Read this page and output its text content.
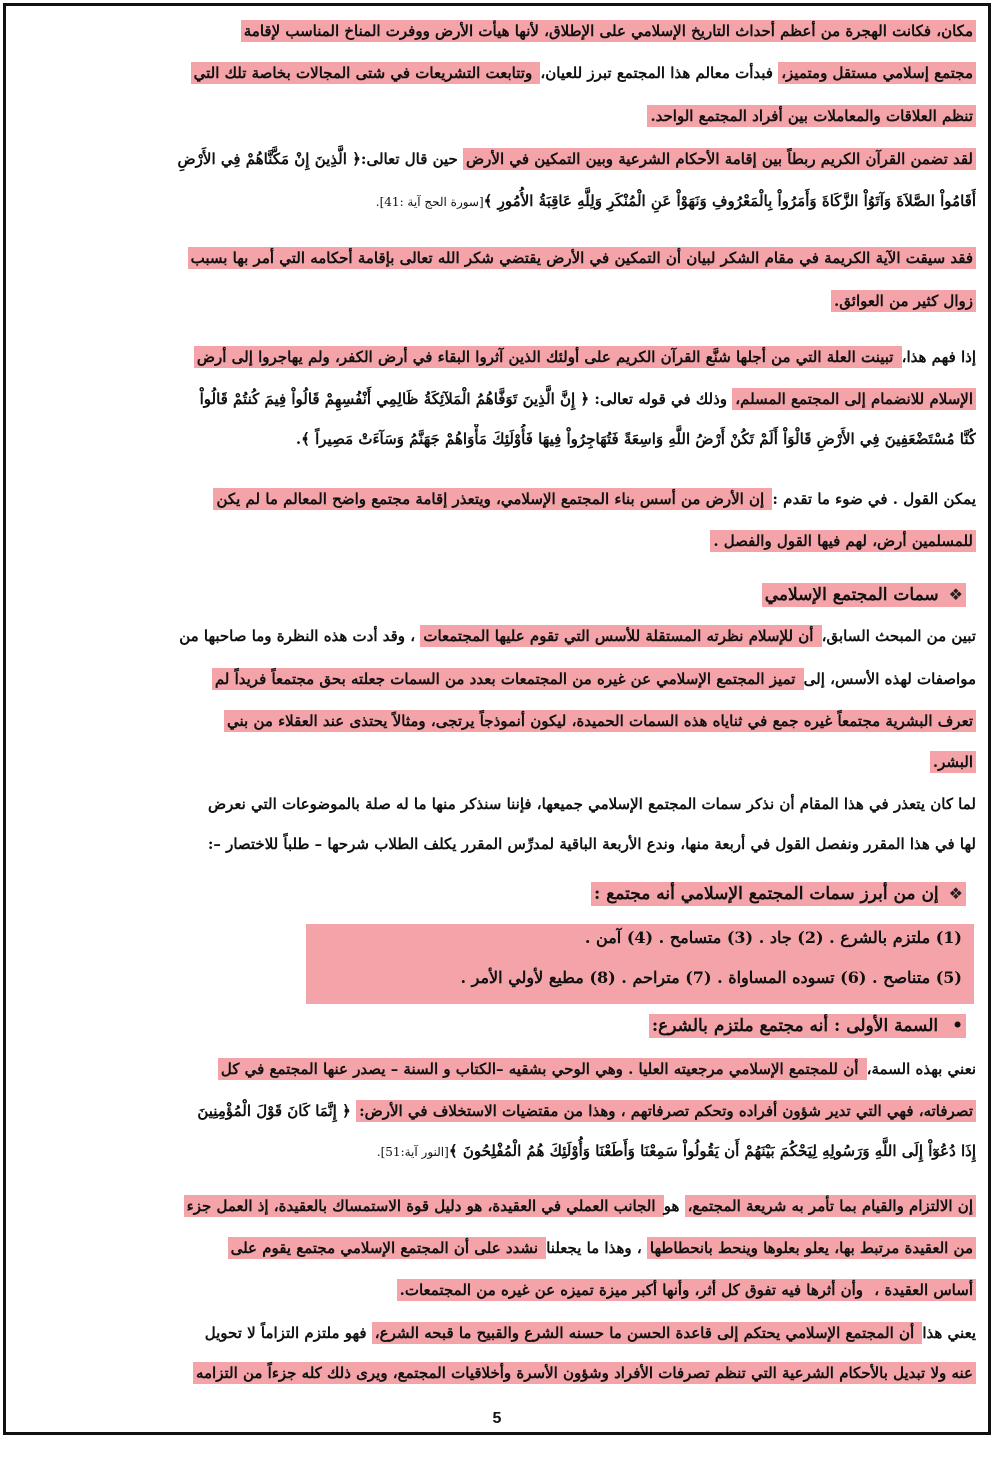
مكان، فكانت الهجرة من أعظم أحداث التاريخ الإسلامي على الإطلاق، لأنها هيأت الأرض ووفرت المناخ المناسب لإقامة
مجتمع إسلامي مستقل ومتميز، فبدأت معالم هذا المجتمع تبرز للعيان، وتتابعت التشريعات في شتى المجالات بخاصة تلك التي
تنظم العلاقات والمعاملات بين أفراد المجتمع الواحد.
لقد تضمن القرآن الكريم ربطاً بين إقامة الأحكام الشرعية وبين التمكين في الأرض حين قال تعالى:﴿ الَّذِينَ إِنْ مَكَّنَّاهُمْ فِي الأَرْضِ
أَقَامُواْ الصَّلاَةَ وَآتَوُاْ الزَّكَاةَ وَأَمَرُواْ بِالْمَعْرُوفِ وَنَهَوْاْ عَنِ الْمُنْكَرِ وَلِلَّهِ عَاقِبَةُ الأُمُورِ ﴾[سورة الحج آية :41].
فقد سيقت الآية الكريمة في مقام الشكر لبيان أن التمكين في الأرض يقتضي شكر الله تعالى بإقامة أحكامه التي أمر بها بسبب
زوال كثير من العوائق.
إذا فهم هذا، تبينت العلة التي من أجلها شنَّع القرآن الكريم على أولئك الذين آثروا البقاء في أرض الكفر، ولم يهاجروا إلى أرض
الإسلام للانضمام إلى المجتمع المسلم، وذلك في قوله تعالى: ﴿ إِنَّ الَّذِينَ تَوَفَّاهُمُ الْمَلآئِكَةُ ظَالِمِي أَنْفُسِهِمْ قَالُواْ فِيمَ كُنتُمْ قَالُواْ
كُنَّا مُسْتَضْعَفِينَ فِي الأَرْضِ قَالْوَاْ أَلَمْ تَكُنْ أَرْضُ اللَّهِ وَاسِعَةً فَتُهَاجِرُواْ فِيهَا فَأُوْلَئِكَ مَأْوَاهُمْ جَهَنَّمُ وَسَآءَتْ مَصِيراً ﴾.
يمكن القول . في ضوء ما تقدم : إن الأرض من أسس بناء المجتمع الإسلامي، ويتعذر إقامة مجتمع واضح المعالم ما لم يكن
للمسلمين أرض، لهم فيها القول والفصل .
❖سمات المجتمع الإسلامي
تبين من المبحث السابق، أن للإسلام نظرته المستقلة للأسس التي تقوم عليها المجتمعات ، وقد أدت هذه النظرة وما صاحبها من
مواصفات لهذه الأسس، إلى تميز المجتمع الإسلامي عن غيره من المجتمعات بعدد من السمات جعلته بحق مجتمعاً فريداً لم
تعرف البشرية مجتمعاً غيره جمع في ثناياه هذه السمات الحميدة، ليكون أنموذجاً يرتجى، ومثالاً يحتذى عند العقلاء من بني
البشر.
لما كان يتعذر في هذا المقام أن نذكر سمات المجتمع الإسلامي جميعها، فإننا سنذكر منها ما له صلة بالموضوعات التي نعرض
لها في هذا المقرر ونفصل القول في أربعة منها، وندع الأربعة الباقية لمدرِّس المقرر يكلف الطلاب شرحها – طلباً للاختصار –:
❖إن من أبرز سمات المجتمع الإسلامي أنه مجتمع :
(1) ملتزم بالشرع . (2) جاد . (3) متسامح . (4) آمن .
(5) متناصح . (6) تسوده المساواة . (7) متراحم . (8) مطيع لأولي الأمر .
•السمة الأولى : أنه مجتمع ملتزم بالشرع:
نعني بهذه السمة، أن للمجتمع الإسلامي مرجعيته العليا . وهي الوحي بشقيه –الكتاب و السنة – يصدر عنها المجتمع في كل
تصرفاته، فهي التي تدير شؤون أفراده وتحكم تصرفاتهم ، وهذا من مقتضيات الاستخلاف في الأرض: ﴿ إِنَّمَا كَانَ قَوْلَ الْمُؤْمِنِينَ
إِذَا دُعُوٓاْ إِلَى اللَّهِ وَرَسُولِهِ لِيَحْكُمَ بَيْنَهُمْ أَن يَقُولُواْ سَمِعْنَا وَأَطَعْنَا وَأُوْلَئِكَ هُمُ الْمُفْلِحُونَ ﴾[النور آية:51].
إن الالتزام والقيام بما تأمر به شريعة المجتمع، هو الجانب العملي في العقيدة، هو دليل قوة الاستمساك بالعقيدة، إذ العمل جزء
من العقيدة مرتبط بها، يعلو بعلوها وينحط بانحطاطها ، وهذا ما يجعلنا نشدد على أن المجتمع الإسلامي مجتمع يقوم على
أساس العقيدة ، وأن أثرها فيه تفوق كل أثر، وأنها أكبر ميزة تميزه عن غيره من المجتمعات.
يعني هذا أن المجتمع الإسلامي يحتكم إلى قاعدة الحسن ما حسنه الشرع والقبيح ما قبحه الشرع، فهو ملتزم التزاماً لا تحويل
عنه ولا تبديل بالأحكام الشرعية التي تنظم تصرفات الأفراد وشؤون الأسرة وأخلاقيات المجتمع، ويرى ذلك كله جزءاً من التزامه
5
